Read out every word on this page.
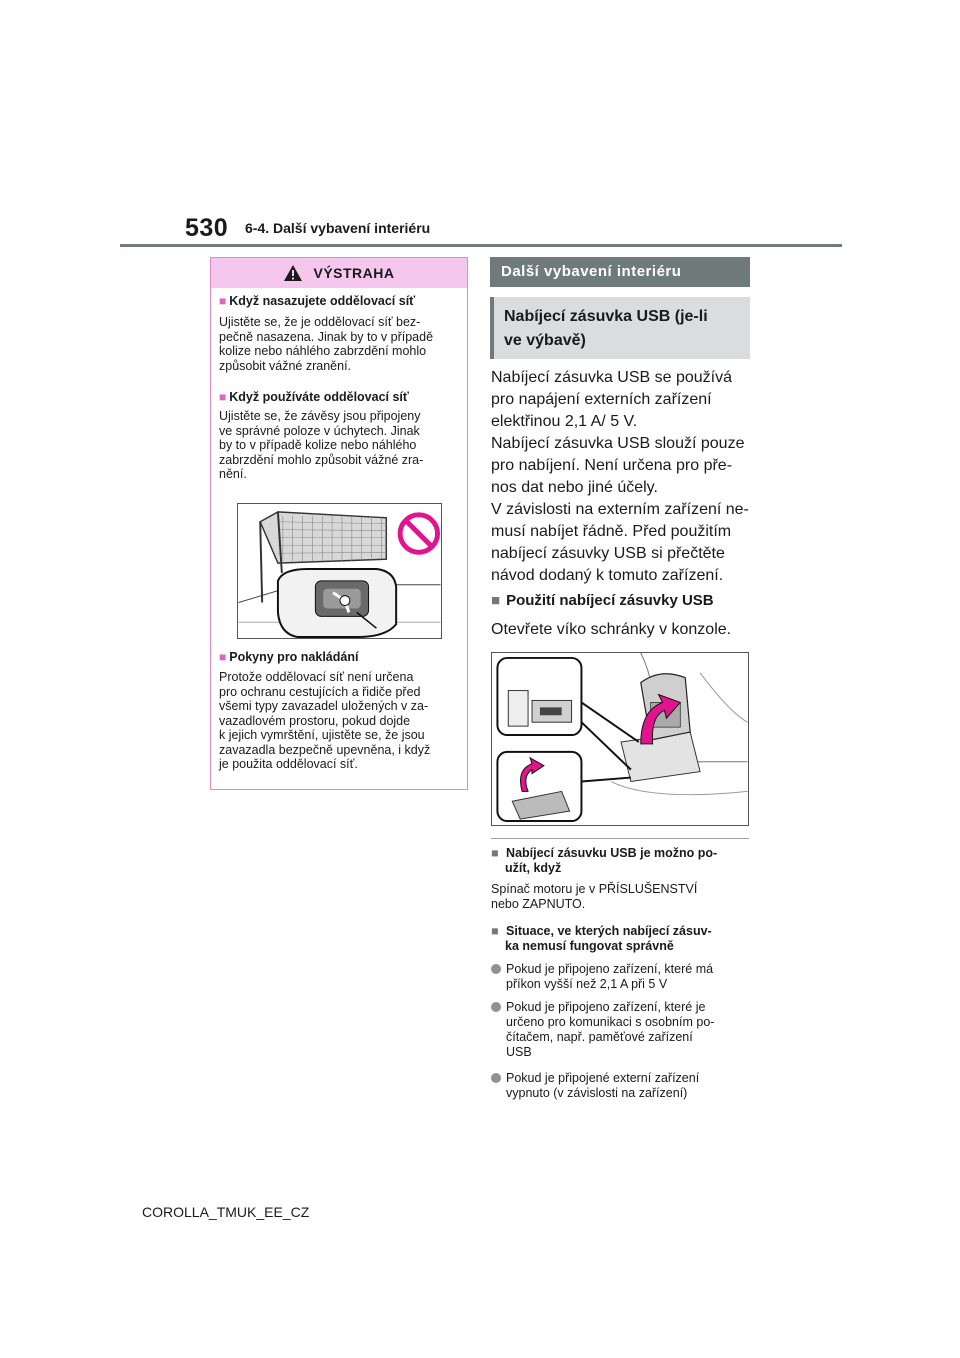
530 6-4. Další vybavení interiéru
VÝSTRAHA
■ Když nasazujete oddělovací síť
Ujistěte se, že je oddělovací síť bez-
pečně nasazena. Jinak by to v případě
kolize nebo náhlého zabrzdění mohlo
způsobit vážné zranění.
■ Když používáte oddělovací síť
Ujistěte se, že závěsy jsou připojeny
ve správné poloze v úchytech. Jinak
by to v případě kolize nebo náhlého
zabrzdění mohlo způsobit vážné zra-
nění.
■ Pokyny pro nakládání
Protože oddělovací síť není určena
pro ochranu cestujících a řidiče před
všemi typy zavazadel uložených v za-
vazadlovém prostoru, pokud dojde
k jejich vymrštění, ujistěte se, že jsou
zavazadla bezpečně upevněna, i když
je použita oddělovací síť.
Další vybavení interiéru
Nabíjecí zásuvka USB (je-li
ve výbavě)
Nabíjecí zásuvka USB se používá
pro napájení externích zařízení
elektřinou 2,1 A/ 5 V.
Nabíjecí zásuvka USB slouží pouze
pro nabíjení. Není určena pro pře-
nos dat nebo jiné účely.
V závislosti na externím zařízení ne-
musí nabíjet řádně. Před použitím
nabíjecí zásuvky USB si přečtěte
návod dodaný k tomuto zařízení.
■ Použití nabíjecí zásuvky USB
Otevřete víko schránky v konzole.
■ Nabíjecí zásuvku USB je možno po-
užít, když
Spínač motoru je v PŘÍSLUŠENSTVÍ
nebo ZAPNUTO.
■ Situace, ve kterých nabíjecí zásuv-
ka nemusí fungovat správně
Pokud je připojeno zařízení, které má
příkon vyšší než 2,1 A při 5 V
Pokud je připojeno zařízení, které je
určeno pro komunikaci s osobním po-
čítačem, např. paměťové zařízení
USB
Pokud je připojené externí zařízení
vypnuto (v závislosti na zařízení)
COROLLA_TMUK_EE_CZ
